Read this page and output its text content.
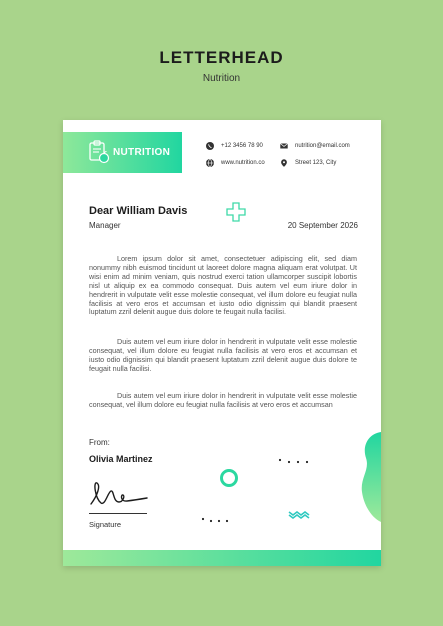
LETTERHEAD
Nutrition
NUTRITION
+12 3456 78 90	nutrition@email.com
www.nutrition.co	Street 123, City
Dear William Davis
Manager	20 September 2026
Lorem ipsum dolor sit amet, consectetuer adipiscing elit, sed diam nonummy nibh euismod tincidunt ut laoreet dolore magna aliquam erat volutpat. Ut wisi enim ad minim veniam, quis nostrud exerci tation ullamcorper suscipit lobortis nisl ut aliquip ex ea commodo consequat. Duis autem vel eum iriure dolor in hendrerit in vulputate velit esse molestie consequat, vel illum dolore eu feugiat nulla facilisis at vero eros et accumsan et iusto odio dignissim qui blandit praesent luptatum zzril delenit augue duis dolore te feugait nulla facilisi.
Duis autem vel eum iriure dolor in hendrerit in vulputate velit esse molestie consequat, vel illum dolore eu feugiat nulla facilisis at vero eros et accumsan et iusto odio dignissim qui blandit praesent luptatum zzril delenit augue duis dolore te feugait nulla facilisi.
Duis autem vel eum iriure dolor in hendrerit in vulputate velit esse molestie consequat, vel illum dolore eu feugiat nulla facilisis at vero eros et accumsan
From:
Olivia Martinez
Signature
